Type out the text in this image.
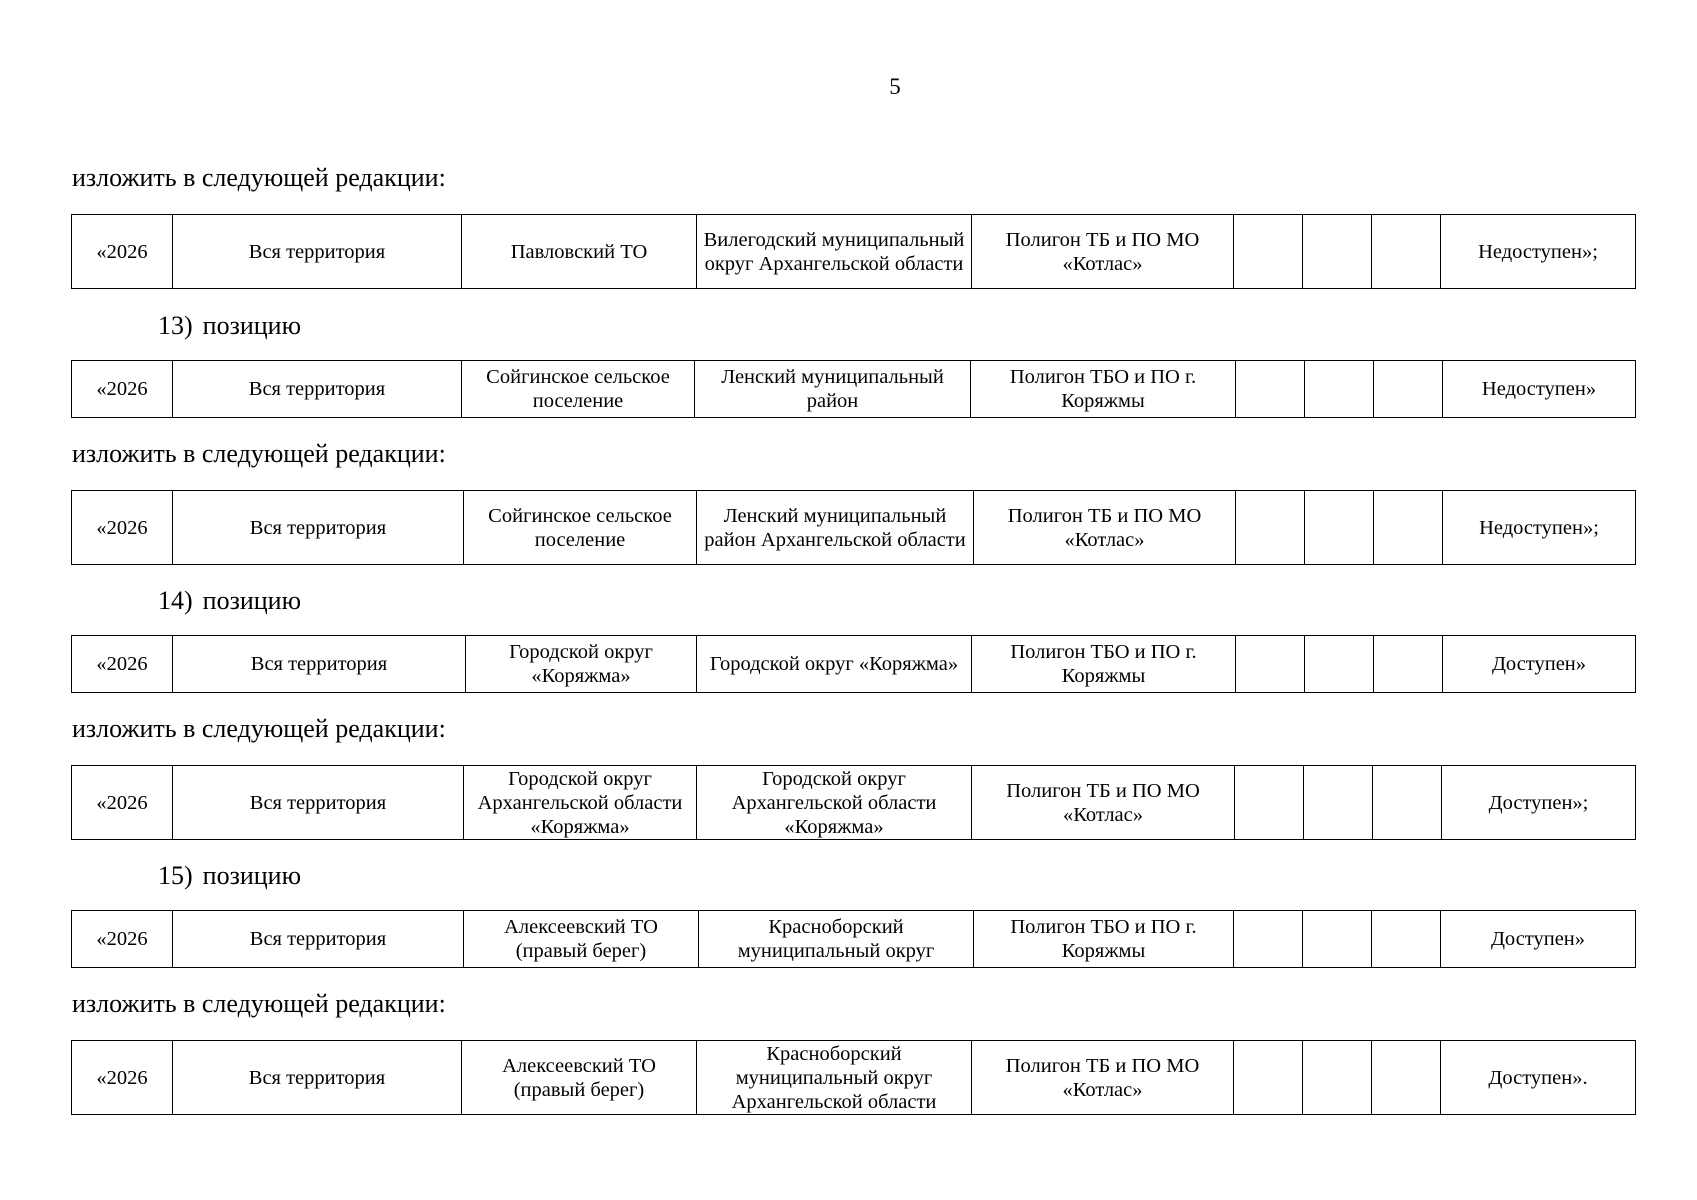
5
изложить в следующей редакции:
«2026	Вся территория	Павловский ТО	Вилегодский муниципальный округ Архангельской области	Полигон ТБ и ПО МО «Котлас»				Недоступен»;
13) позицию
«2026	Вся территория	Сойгинское сельское поселение	Ленский муниципальный район	Полигон ТБО и ПО г. Коряжмы				Недоступен»
изложить в следующей редакции:
«2026	Вся территория	Сойгинское сельское поселение	Ленский муниципальный район Архангельской области	Полигон ТБ и ПО МО «Котлас»				Недоступен»;
14) позицию
«2026	Вся территория	Городской округ «Коряжма»	Городской округ «Коряжма»	Полигон ТБО и ПО г. Коряжмы				Доступен»
изложить в следующей редакции:
«2026	Вся территория	Городской округ Архангельской области «Коряжма»	Городской округ Архангельской области «Коряжма»	Полигон ТБ и ПО МО «Котлас»				Доступен»;
15) позицию
«2026	Вся территория	Алексеевский ТО (правый берег)	Красноборский муниципальный округ	Полигон ТБО и ПО г. Коряжмы				Доступен»
изложить в следующей редакции:
«2026	Вся территория	Алексеевский ТО (правый берег)	Красноборский муниципальный округ Архангельской области	Полигон ТБ и ПО МО «Котлас»				Доступен».
